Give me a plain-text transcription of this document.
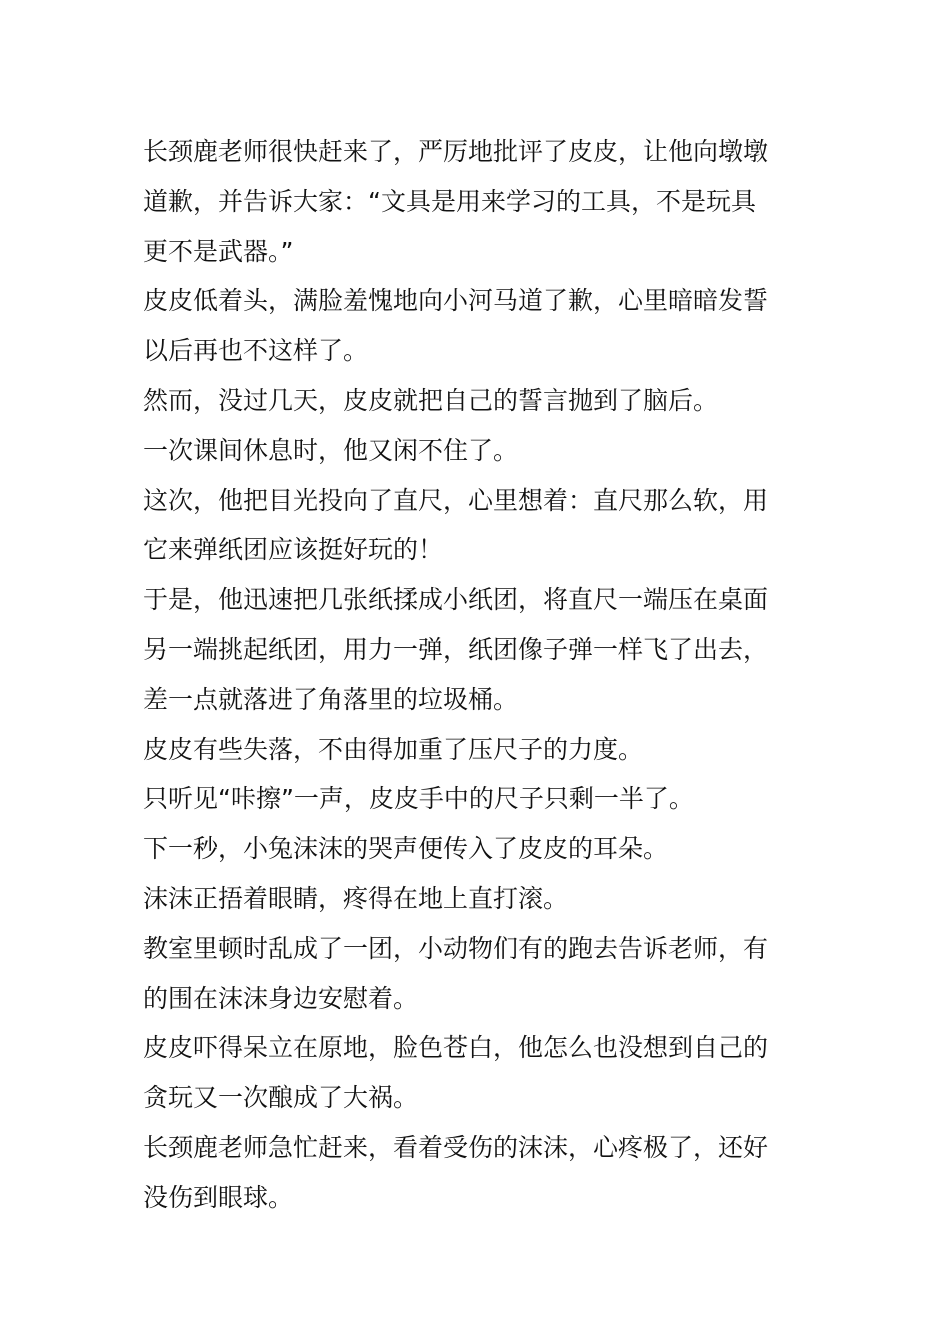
长颈鹿老师很快赶来了，严厉地批评了皮皮，让他向墩墩
道歉，并告诉大家：“文具是用来学习的工具，不是玩具
更不是武器。”
皮皮低着头，满脸羞愧地向小河马道了歉，心里暗暗发誓
以后再也不这样了。
然而，没过几天，皮皮就把自己的誓言抛到了脑后。
一次课间休息时，他又闲不住了。
这次，他把目光投向了直尺，心里想着：直尺那么软，用
它来弹纸团应该挺好玩的！
于是，他迅速把几张纸揉成小纸团，将直尺一端压在桌面
另一端挑起纸团，用力一弹，纸团像子弹一样飞了出去，
差一点就落进了角落里的垃圾桶。
皮皮有些失落，不由得加重了压尺子的力度。
只听见“咔擦”一声，皮皮手中的尺子只剩一半了。
下一秒，小兔沫沫的哭声便传入了皮皮的耳朵。
沫沫正捂着眼睛，疼得在地上直打滚。
教室里顿时乱成了一团，小动物们有的跑去告诉老师，有
的围在沫沫身边安慰着。
皮皮吓得呆立在原地，脸色苍白，他怎么也没想到自己的
贪玩又一次酿成了大祸。
长颈鹿老师急忙赶来，看着受伤的沫沫，心疼极了，还好
没伤到眼球。
